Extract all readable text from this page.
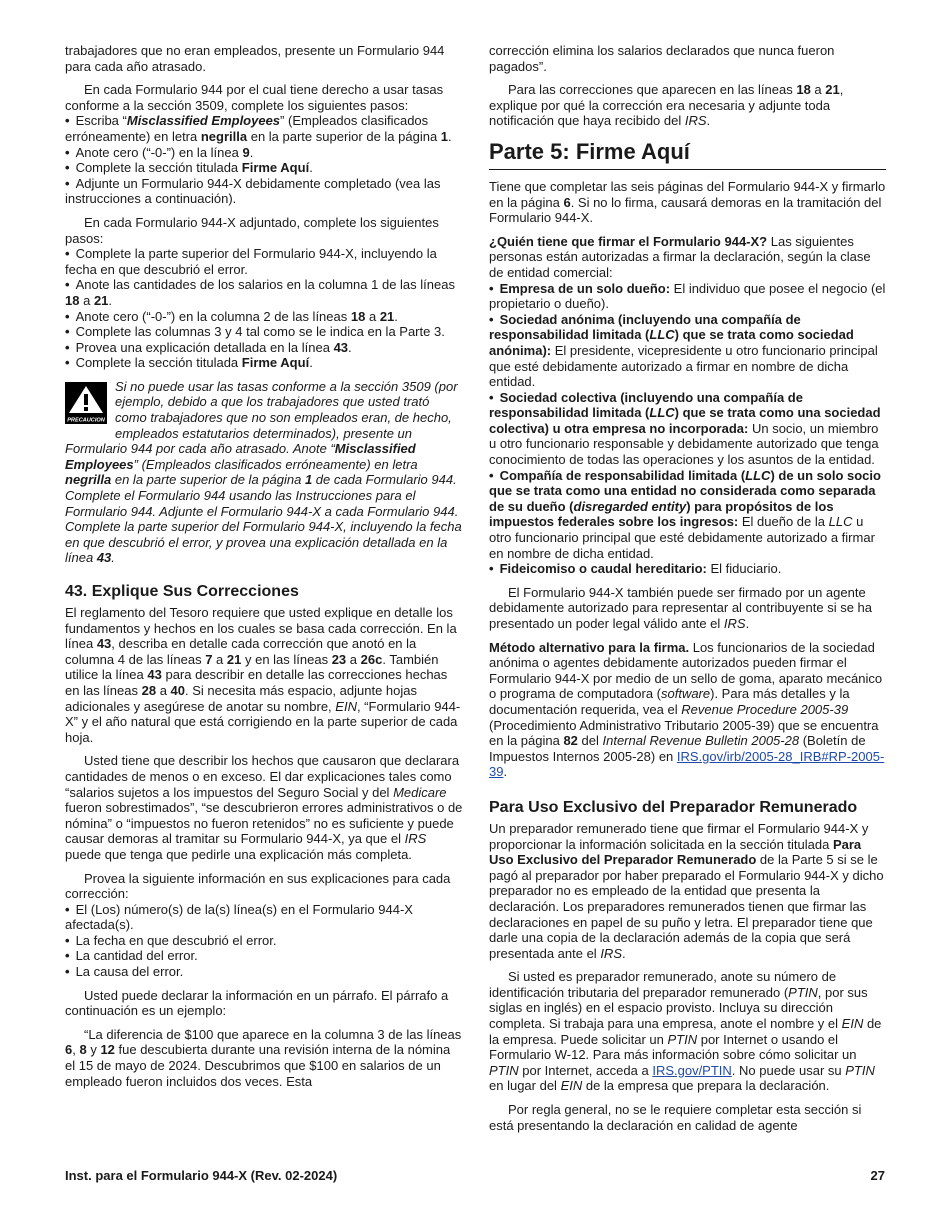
trabajadores que no eran empleados, presente un Formulario 944 para cada año atrasado.

En cada Formulario 944 por el cual tiene derecho a usar tasas conforme a la sección 3509, complete los siguientes pasos:

• Escriba “Misclassified Employees” (Empleados clasificados erróneamente) en letra negrilla en la parte superior de la página 1.
• Anote cero (“-0-”) en la línea 9.
• Complete la sección titulada Firme Aquí.
• Adjunte un Formulario 944-X debidamente completado (vea las instrucciones a continuación).

En cada Formulario 944-X adjuntado, complete los siguientes pasos:

• Complete la parte superior del Formulario 944-X, incluyendo la fecha en que descubrió el error.
• Anote las cantidades de los salarios en la columna 1 de las líneas 18 a 21.
• Anote cero (“-0-”) en la columna 2 de las líneas 18 a 21.
• Complete las columnas 3 y 4 tal como se le indica en la Parte 3.
• Provea una explicación detallada en la línea 43.
• Complete la sección titulada Firme Aquí.
PRECAUCION
Si no puede usar las tasas conforme a la sección 3509 (por ejemplo, debido a que los trabajadores que usted trató como trabajadores que no son empleados eran, de hecho, empleados estatutarios determinados), presente un Formulario 944 por cada año atrasado. Anote “Misclassified Employees” (Empleados clasificados erróneamente) en letra negrilla en la parte superior de la página 1 de cada Formulario 944. Complete el Formulario 944 usando las Instrucciones para el Formulario 944. Adjunte el Formulario 944-X a cada Formulario 944. Complete la parte superior del Formulario 944-X, incluyendo la fecha en que descubrió el error, y provea una explicación detallada en la línea 43.
43. Explique Sus Correcciones

El reglamento del Tesoro requiere que usted explique en detalle los fundamentos y hechos en los cuales se basa cada corrección. En la línea 43, describa en detalle cada corrección que anotó en la columna 4 de las líneas 7 a 21 y en las líneas 23 a 26c. También utilice la línea 43 para describir en detalle las correcciones hechas en las líneas 28 a 40. Si necesita más espacio, adjunte hojas adicionales y asegúrese de anotar su nombre, EIN, “Formulario 944-X” y el año natural que está corrigiendo en la parte superior de cada hoja.

Usted tiene que describir los hechos que causaron que declarara cantidades de menos o en exceso. El dar explicaciones tales como “salarios sujetos a los impuestos del Seguro Social y del Medicare fueron sobrestimados”, “se descubrieron errores administrativos o de nómina” o “impuestos no fueron retenidos” no es suficiente y puede causar demoras al tramitar su Formulario 944-X, ya que el IRS puede que tenga que pedirle una explicación más completa.

Provea la siguiente información en sus explicaciones para cada corrección:

• El (Los) número(s) de la(s) línea(s) en el Formulario 944-X afectada(s).
• La fecha en que descubrió el error.
• La cantidad del error.
• La causa del error.

Usted puede declarar la información en un párrafo. El párrafo a continuación es un ejemplo:

“La diferencia de $100 que aparece en la columna 3 de las líneas 6, 8 y 12 fue descubierta durante una revisión interna de la nómina el 15 de mayo de 2024. Descubrimos que $100 en salarios de un empleado fueron incluidos dos veces. Esta

corrección elimina los salarios declarados que nunca fueron pagados”.

Para las correcciones que aparecen en las líneas 18 a 21, explique por qué la corrección era necesaria y adjunte toda notificación que haya recibido del IRS.

Parte 5: Firme Aquí

Tiene que completar las seis páginas del Formulario 944-X y firmarlo en la página 6. Si no lo firma, causará demoras en la tramitación del Formulario 944-X.

¿Quién tiene que firmar el Formulario 944-X? Las siguientes personas están autorizadas a firmar la declaración, según la clase de entidad comercial:

• Empresa de un solo dueño: El individuo que posee el negocio (el propietario o dueño).
• Sociedad anónima (incluyendo una compañía de responsabilidad limitada (LLC) que se trata como sociedad anónima): El presidente, vicepresidente u otro funcionario principal que esté debidamente autorizado a firmar en nombre de dicha entidad.
• Sociedad colectiva (incluyendo una compañía de responsabilidad limitada (LLC) que se trata como una sociedad colectiva) u otra empresa no incorporada: Un socio, un miembro u otro funcionario responsable y debidamente autorizado que tenga conocimiento de todas las operaciones y los asuntos de la entidad.
• Compañía de responsabilidad limitada (LLC) de un solo socio que se trata como una entidad no considerada como separada de su dueño (disregarded entity) para propósitos de los impuestos federales sobre los ingresos: El dueño de la LLC u otro funcionario principal que esté debidamente autorizado a firmar en nombre de dicha entidad.
• Fideicomiso o caudal hereditario: El fiduciario.

El Formulario 944-X también puede ser firmado por un agente debidamente autorizado para representar al contribuyente si se ha presentado un poder legal válido ante el IRS.

Método alternativo para la firma. Los funcionarios de la sociedad anónima o agentes debidamente autorizados pueden firmar el Formulario 944-X por medio de un sello de goma, aparato mecánico o programa de computadora (software). Para más detalles y la documentación requerida, vea el Revenue Procedure 2005-39 (Procedimiento Administrativo Tributario 2005-39) que se encuentra en la página 82 del Internal Revenue Bulletin 2005-28 (Boletín de Impuestos Internos 2005-28) en IRS.gov/irb/2005-28_IRB#RP-2005-39.

Para Uso Exclusivo del Preparador Remunerado

Un preparador remunerado tiene que firmar el Formulario 944-X y proporcionar la información solicitada en la sección titulada Para Uso Exclusivo del Preparador Remunerado de la Parte 5 si se le pagó al preparador por haber preparado el Formulario 944-X y dicho preparador no es empleado de la entidad que presenta la declaración. Los preparadores remunerados tienen que firmar las declaraciones en papel de su puño y letra. El preparador tiene que darle una copia de la declaración además de la copia que será presentada ante el IRS.

Si usted es preparador remunerado, anote su número de identificación tributaria del preparador remunerado (PTIN, por sus siglas en inglés) en el espacio provisto. Incluya su dirección completa. Si trabaja para una empresa, anote el nombre y el EIN de la empresa. Puede solicitar un PTIN por Internet o usando el Formulario W-12. Para más información sobre cómo solicitar un PTIN por Internet, acceda a IRS.gov/PTIN. No puede usar su PTIN en lugar del EIN de la empresa que prepara la declaración.

Por regla general, no se le requiere completar esta sección si está presentando la declaración en calidad de agente

Inst. para el Formulario 944-X (Rev. 02-2024)	27
